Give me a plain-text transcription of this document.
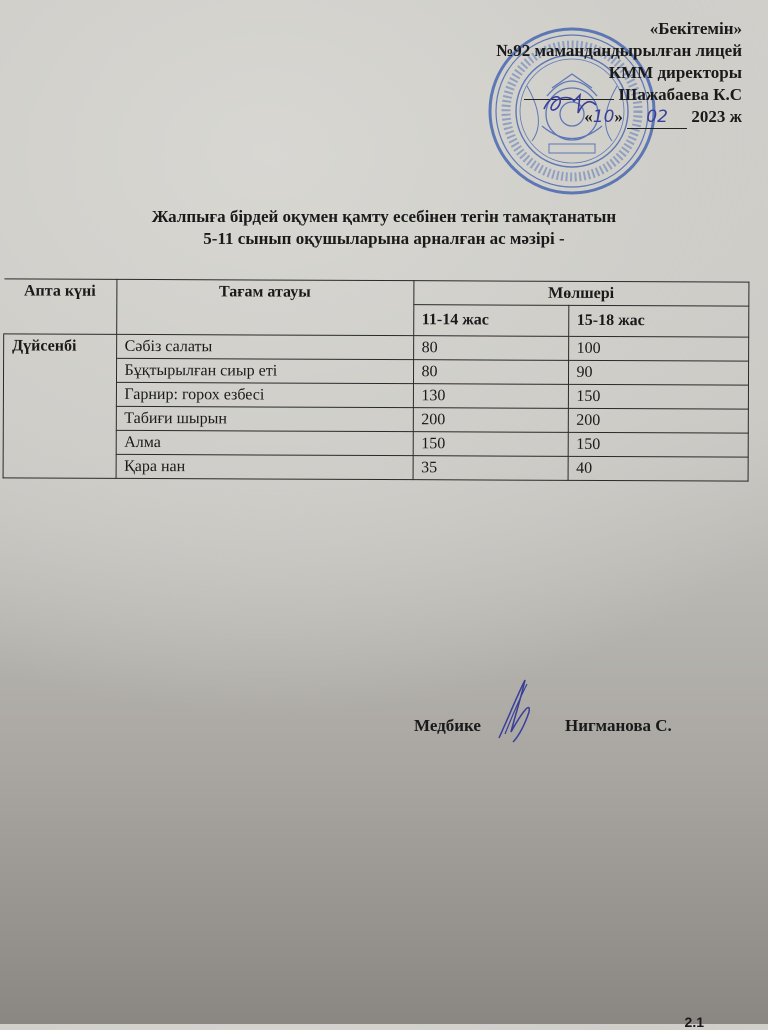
«Бекітемін»
№92 мамандандырылған лицей
КММ директоры
Шажабаева К.С
«10» 02 2023 ж
Жалпыға бірдей оқумен қамту есебінен тегін тамақтанатын
5-11 сынып оқушыларына арналған ас мәзірі -
Апта күні	Тағам атауы	Мөлшері	
		11-14 жас	15-18 жас
Дүйсенбі	Сәбіз салаты	80	100
	Бұқтырылған сиыр еті	80	90
	Гарнир: горох езбесі	130	150
	Табиғи шырын	200	200
	Алма	150	150
	Қара нан	35	40
Медбике	Нигманова С.
2.1
